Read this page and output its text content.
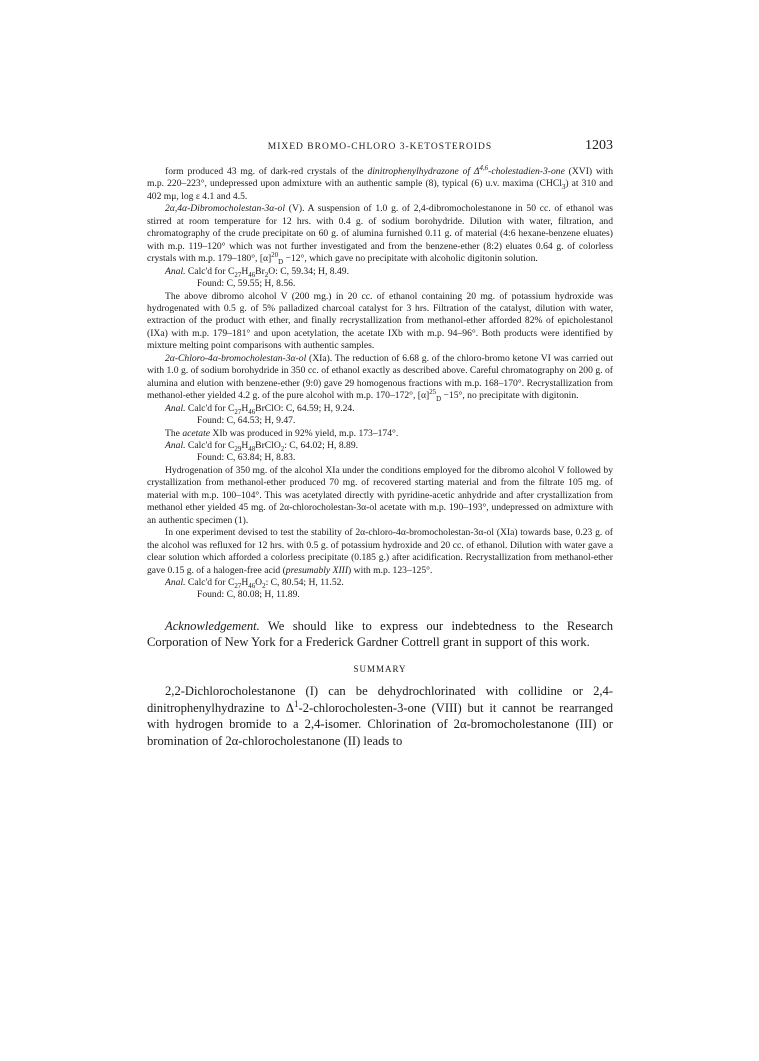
MIXED BROMO-CHLORO 3-KETOSTEROIDS	1203

form produced 43 mg. of dark-red crystals of the dinitrophenylhydrazone of Δ$^{4,6}$-cholestadien-3-one (XVI) with m.p. 220–223°, undepressed upon admixture with an authentic sample (8), typical (6) u.v. maxima (CHCl$_3$) at 310 and 402 mμ, log ε 4.1 and 4.5.

2α,4α-Dibromocholestan-3α-ol (V). A suspension of 1.0 g. of 2,4-dibromocholestanone in 50 cc. of ethanol was stirred at room temperature for 12 hrs. with 0.4 g. of sodium borohydride. Dilution with water, filtration, and chromatography of the crude precipitate on 60 g. of alumina furnished 0.11 g. of material (4:6 hexane-benzene eluates) with m.p. 119–120° which was not further investigated and from the benzene-ether (8:2) eluates 0.64 g. of colorless crystals with m.p. 179–180°, $[\alpha]^{20}_D -12^\circ$, which gave no precipitate with alcoholic digitonin solution.

Anal. Calc'd for $C_{27}H_{46}Br_2O$: C, 59.34; H, 8.49.

Found: C, 59.55; H, 8.56.

The above dibromo alcohol V (200 mg.) in 20 cc. of ethanol containing 20 mg. of potassium hydroxide was hydrogenated with 0.5 g. of 5% palladized charcoal catalyst for 3 hrs. Filtration of the catalyst, dilution with water, extraction of the product with ether, and finally recrystallization from methanol-ether afforded 82% of epicholestanol (IXa) with m.p. 179–181° and upon acetylation, the acetate IXb with m.p. 94–96°. Both products were identified by mixture melting point comparisons with authentic samples.

2α-Chloro-4α-bromocholestan-3α-ol (XIa). The reduction of 6.68 g. of the chloro-bromo ketone VI was carried out with 1.0 g. of sodium borohydride in 350 cc. of ethanol exactly as described above. Careful chromatography on 200 g. of alumina and elution with benzene-ether (9:0) gave 29 homogenous fractions with m.p. 168–170°. Recrystallization from methanol-ether yielded 4.2 g. of the pure alcohol with m.p. 170–172°, $[\alpha]^{25}_D -15^\circ$, no precipitate with digitonin.

Anal. Calc'd for $C_{27}H_{46}BrClO$: C, 64.59; H, 9.24.

Found: C, 64.53; H, 9.47.

The acetate XIb was produced in 92% yield, m.p. 173–174°.

Anal. Calc'd for $C_{29}H_{48}BrClO_2$: C, 64.02; H, 8.89.

Found: C, 63.84; H, 8.83.

Hydrogenation of 350 mg. of the alcohol XIa under the conditions employed for the dibromo alcohol V followed by crystallization from methanol-ether produced 70 mg. of recovered starting material and from the filtrate 105 mg. of material with m.p. 100–104°. This was acetylated directly with pyridine-acetic anhydride and after crystallization from methanol ether yielded 45 mg. of 2α-chlorocholestan-3α-ol acetate with m.p. 190–193°, undepressed on admixture with an authentic specimen (1).

In one experiment devised to test the stability of 2α-chloro-4α-bromocholestan-3α-ol (XIa) towards base, 0.23 g. of the alcohol was refluxed for 12 hrs. with 0.5 g. of potassium hydroxide and 20 cc. of ethanol. Dilution with water gave a clear solution which afforded a colorless precipitate (0.185 g.) after acidification. Recrystallization from methanol-ether gave 0.15 g. of a halogen-free acid (presumably XIII) with m.p. 123–125°.

Anal. Calc'd for $C_{27}H_{46}O_2$: C, 80.54; H, 11.52.

Found: C, 80.08; H, 11.89.

Acknowledgement. We should like to express our indebtedness to the Research Corporation of New York for a Frederick Gardner Cottrell grant in support of this work.

SUMMARY

2,2-Dichlorocholestanone (I) can be dehydrochlorinated with collidine or 2,4-dinitrophenylhydrazine to $\Delta^1-2-chlorocholesten-3$-one (VIII) but it cannot be rearranged with hydrogen bromide to a 2,4-isomer. Chlorination of 2α-bromocholestanone (III) or bromination of 2α-chlorocholestanone (II) leads to
